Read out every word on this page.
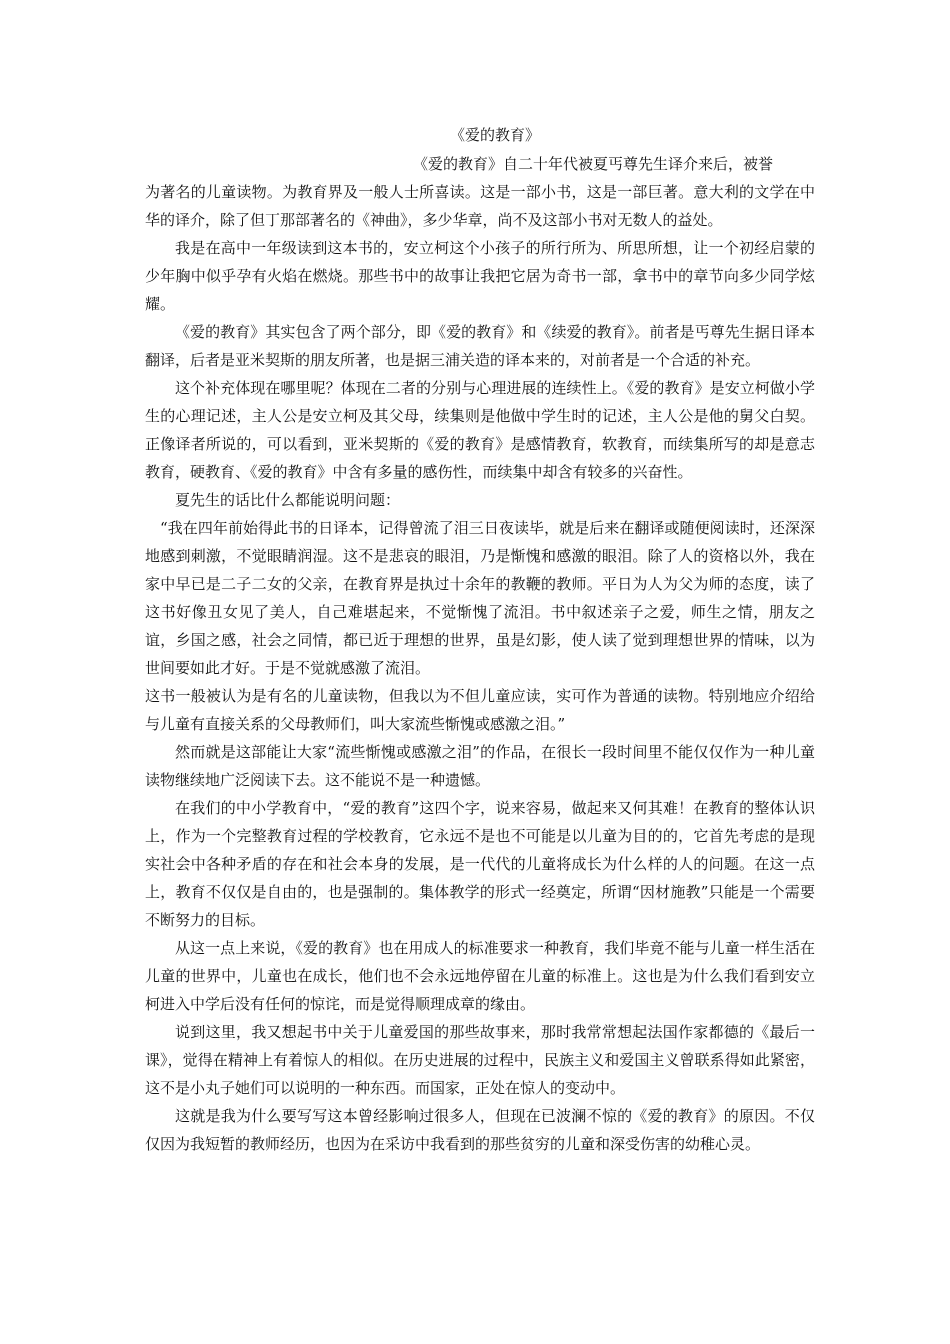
《爱的教育》

《爱的教育》自二十年代被夏丐尊先生译介来后，被誉

为著名的儿童读物。为教育界及一般人士所喜读。这是一部小书，这是一部巨著。意大利的文学在中华的译介，除了但丁那部著名的《神曲》，多少华章，尚不及这部小书对无数人的益处。

我是在高中一年级读到这本书的，安立柯这个小孩子的所行所为、所思所想，让一个初经启蒙的少年胸中似乎孕有火焰在燃烧。那些书中的故事让我把它居为奇书一部，拿书中的章节向多少同学炫耀。

《爱的教育》其实包含了两个部分，即《爱的教育》和《续爱的教育》。前者是丐尊先生据日译本翻译，后者是亚米契斯的朋友所著，也是据三浦关造的译本来的，对前者是一个合适的补充。

这个补充体现在哪里呢？体现在二者的分别与心理进展的连续性上。《爱的教育》是安立柯做小学生的心理记述，主人公是安立柯及其父母，续集则是他做中学生时的记述，主人公是他的舅父白契。正像译者所说的，可以看到，亚米契斯的《爱的教育》是感情教育，软教育，而续集所写的却是意志教育，硬教育、《爱的教育》中含有多量的感伤性，而续集中却含有较多的兴奋性。

夏先生的话比什么都能说明问题：

“我在四年前始得此书的日译本，记得曾流了泪三日夜读毕，就是后来在翻译或随便阅读时，还深深地感到刺激，不觉眼睛润湿。这不是悲哀的眼泪，乃是惭愧和感激的眼泪。除了人的资格以外，我在家中早已是二子二女的父亲，在教育界是执过十余年的教鞭的教师。平日为人为父为师的态度，读了这书好像丑女见了美人，自己难堪起来，不觉惭愧了流泪。书中叙述亲子之爱，师生之情，朋友之谊，乡国之感，社会之同情，都已近于理想的世界，虽是幻影，使人读了觉到理想世界的情味，以为世间要如此才好。于是不觉就感激了流泪。

这书一般被认为是有名的儿童读物，但我以为不但儿童应读，实可作为普通的读物。特别地应介绍给与儿童有直接关系的父母教师们，叫大家流些惭愧或感激之泪。”

然而就是这部能让大家“流些惭愧或感激之泪”的作品，在很长一段时间里不能仅仅作为一种儿童读物继续地广泛阅读下去。这不能说不是一种遗憾。

在我们的中小学教育中，“爱的教育”这四个字，说来容易，做起来又何其难！在教育的整体认识上，作为一个完整教育过程的学校教育，它永远不是也不可能是以儿童为目的的，它首先考虑的是现实社会中各种矛盾的存在和社会本身的发展，是一代代的儿童将成长为什么样的人的问题。在这一点上，教育不仅仅是自由的，也是强制的。集体教学的形式一经奠定，所谓“因材施教”只能是一个需要不断努力的目标。

从这一点上来说，《爱的教育》也在用成人的标准要求一种教育，我们毕竟不能与儿童一样生活在儿童的世界中，儿童也在成长，他们也不会永远地停留在儿童的标准上。这也是为什么我们看到安立柯进入中学后没有任何的惊诧，而是觉得顺理成章的缘由。

说到这里，我又想起书中关于儿童爱国的那些故事来，那时我常常想起法国作家都德的《最后一课》，觉得在精神上有着惊人的相似。在历史进展的过程中，民族主义和爱国主义曾联系得如此紧密，这不是小丸子她们可以说明的一种东西。而国家，正处在惊人的变动中。

这就是我为什么要写写这本曾经影响过很多人，但现在已波澜不惊的《爱的教育》的原因。不仅仅因为我短暂的教师经历，也因为在采访中我看到的那些贫穷的儿童和深受伤害的幼稚心灵。
